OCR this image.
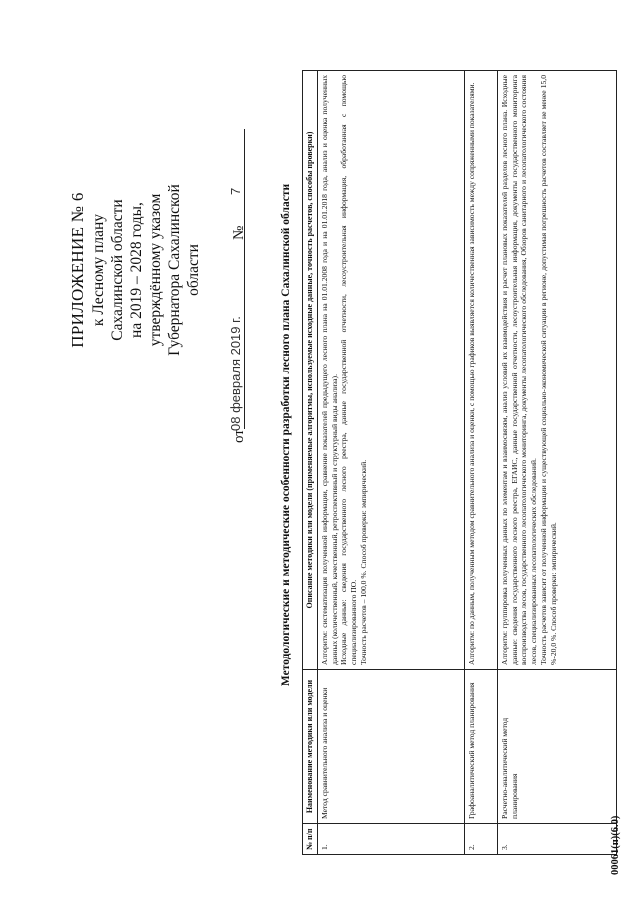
ПРИЛОЖЕНИЕ № 6 к Лесному плану Сахалинской области на 2019 – 2028 годы, утверждённому указом Губернатора Сахалинской области
от
08 февраля 2019 г.
№
7	Методологические и методические особенности разработки лесного плана Сахалинской области
№ п/п	Наименование методики или модели	Описание методики или модели (применяемые алгоритмы, используемые исходные данные, точность расчетов, способы проверки)
1.	Метод сравнительного анализа и оценки	Алгоритм: систематизация полученной информации, сравнение показателей предыдущего лесного плана на 01.01.2008 года и на 01.01.2018 года, анализ и оценка полученных данных (количественный, качественный, ретроспективный и структурный виды анализа). Исходные данные: сведения государственного лесного реестра, данные государственной отчетности, лесоустроительная информация, обработанная с помощью специализированного ПО. Точность расчетов – 100,0 %. Способ проверки: эмпирический.

2.	Графоаналитический метод планирования	Алгоритм: по данным, полученным методом сравнительного анализа и оценки, с помощью графиков выявляется количественная зависимость между сопряженными показателями.

3.	Расчетно-аналитический метод планирования	Алгоритм: группировка полученных данных по элементам и взаимосвязям, анализ условий их взаимодействия и расчет плановых показателей разделов лесного плана. Исходные данные: сведения государственного лесного реестра, ЕГАИС, данные государственной отчетности, лесоустроительная информация, документы государственного мониторинга воспроизводства лесов, государственного лесопатологического мониторинга, документы лесопатологического обследования, Обзоров санитарного и лесопатологического состояния лесов, специализированных лесопатологических обследований. Точность расчетов зависит от полученной информации и существующей социально-экономической ситуации в регионе, допустимая погрешность расчетов составляет не менее 15,0 %-20,0 %. Способ проверки: эмпирический.

00061(п)(6.0)
